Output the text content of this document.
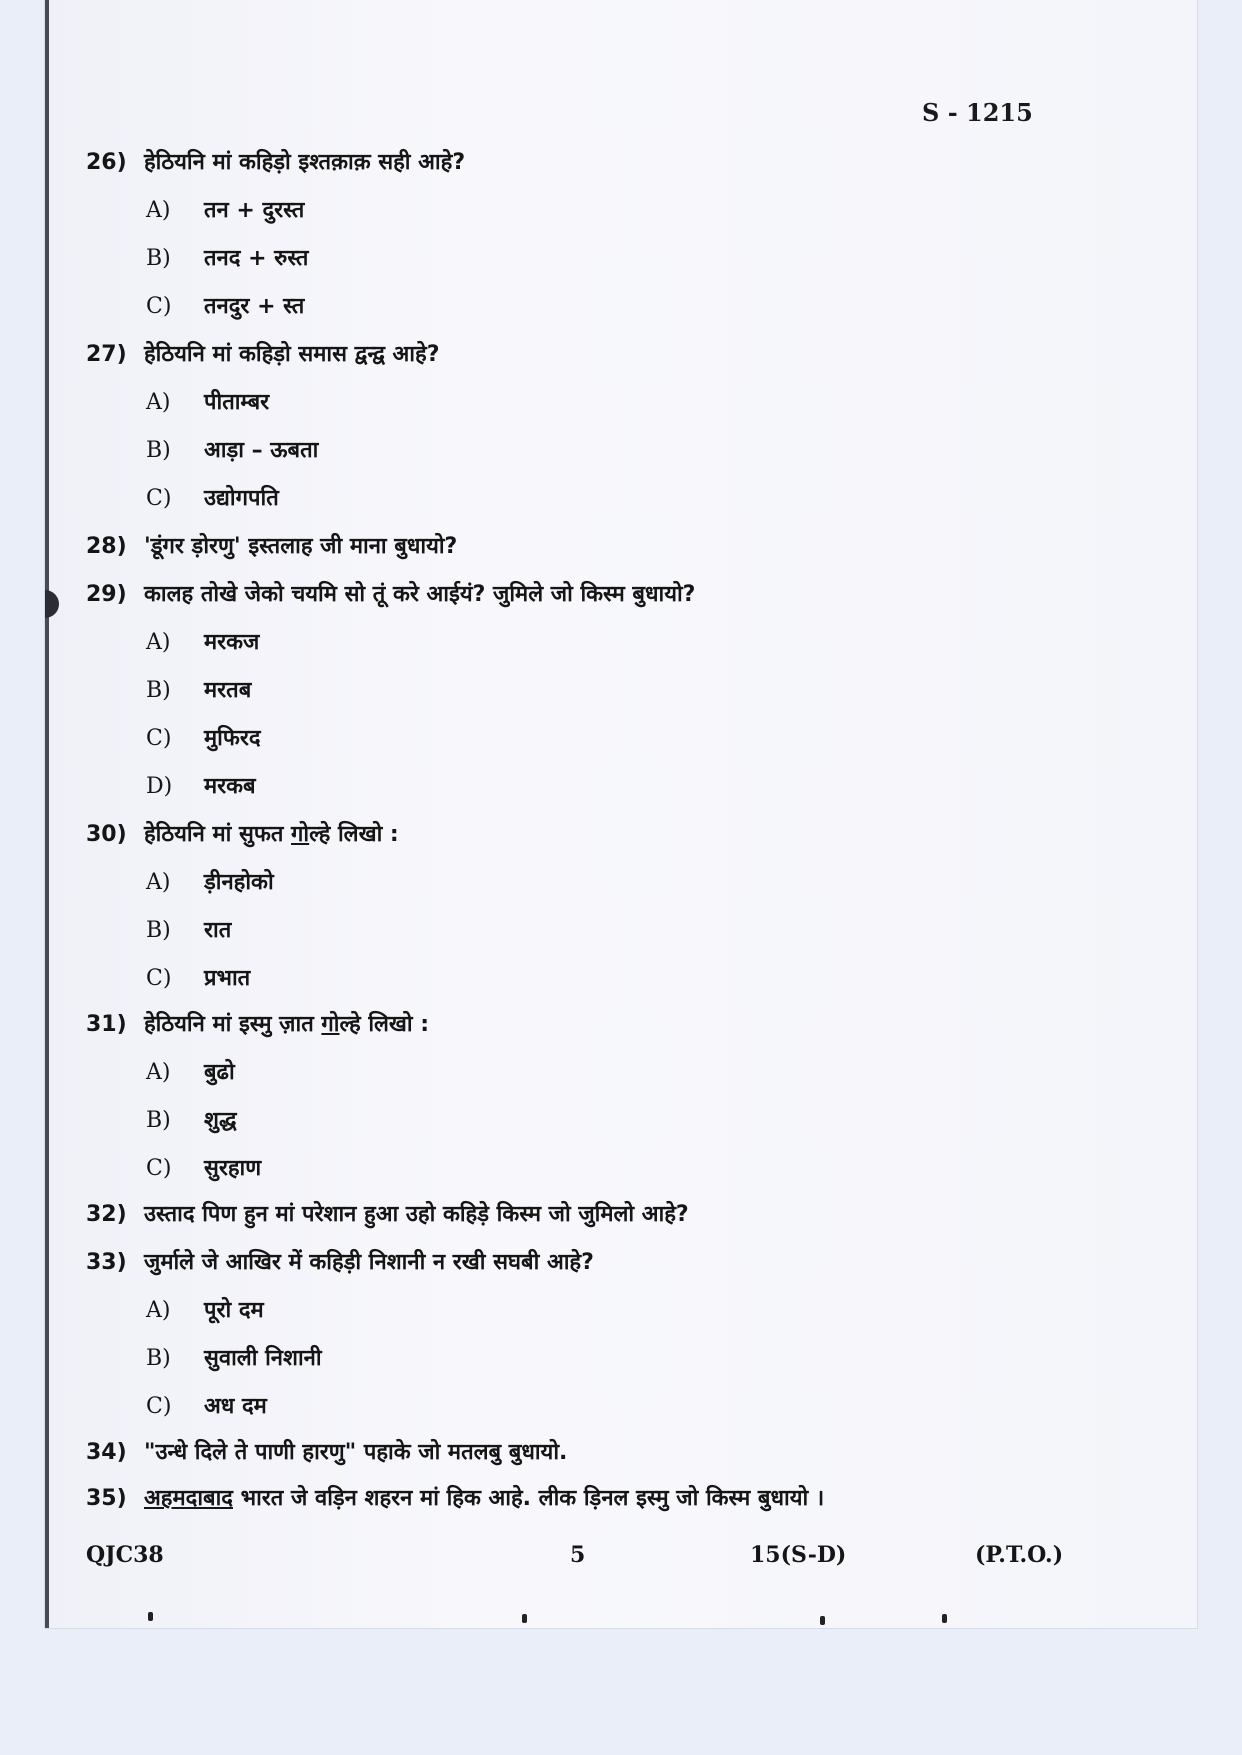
S - 1215
26) हेठियनि मां कहिड़ो इश्तक़ाक़ सही आहे?
A) तन + दुरस्त
B) तनद + रुस्त
C) तनदुर + स्त
27) हेठियनि मां कहिड़ो समास द्वन्द्व आहे?
A) पीताम्बर
B) आड़ा – ऊबता
C) उद्योगपति
28) 'डूंगर ड़ोरणु' इस्तलाह जी माना बुधायो?
29) कालह तोखे जेको चयमि सो तूं करे आईयं? जुमिले जो किस्म बुधायो?
A) मरकज
B) मरतब
C) मुफिरद
D) मरकब
30) हेठियनि मां सुफत गोल्हे लिखो :
A) ड़ीनहोको
B) रात
C) प्रभात
31) हेठियनि मां इस्मु ज़ात गोल्हे लिखो :
A) बुढो
B) शुद्ध
C) सुरहाण
32) उस्ताद पिण हुन मां परेशान हुआ उहो कहिड़े किस्म जो जुमिलो आहे?
33) जुर्माले जे आखिर में कहिड़ी निशानी न रखी सघबी आहे?
A) पूरो दम
B) सुवाली निशानी
C) अध दम
34) "उन्धे दिले ते पाणी हारणु" पहाके जो मतलबु बुधायो.
35) अहमदाबाद भारत जे वड़िन शहरन मां हिक आहे. लीक ड़िनल इस्मु जो किस्म बुधायो ।
QJC38	5	15(S-D)	(P.T.O.)
